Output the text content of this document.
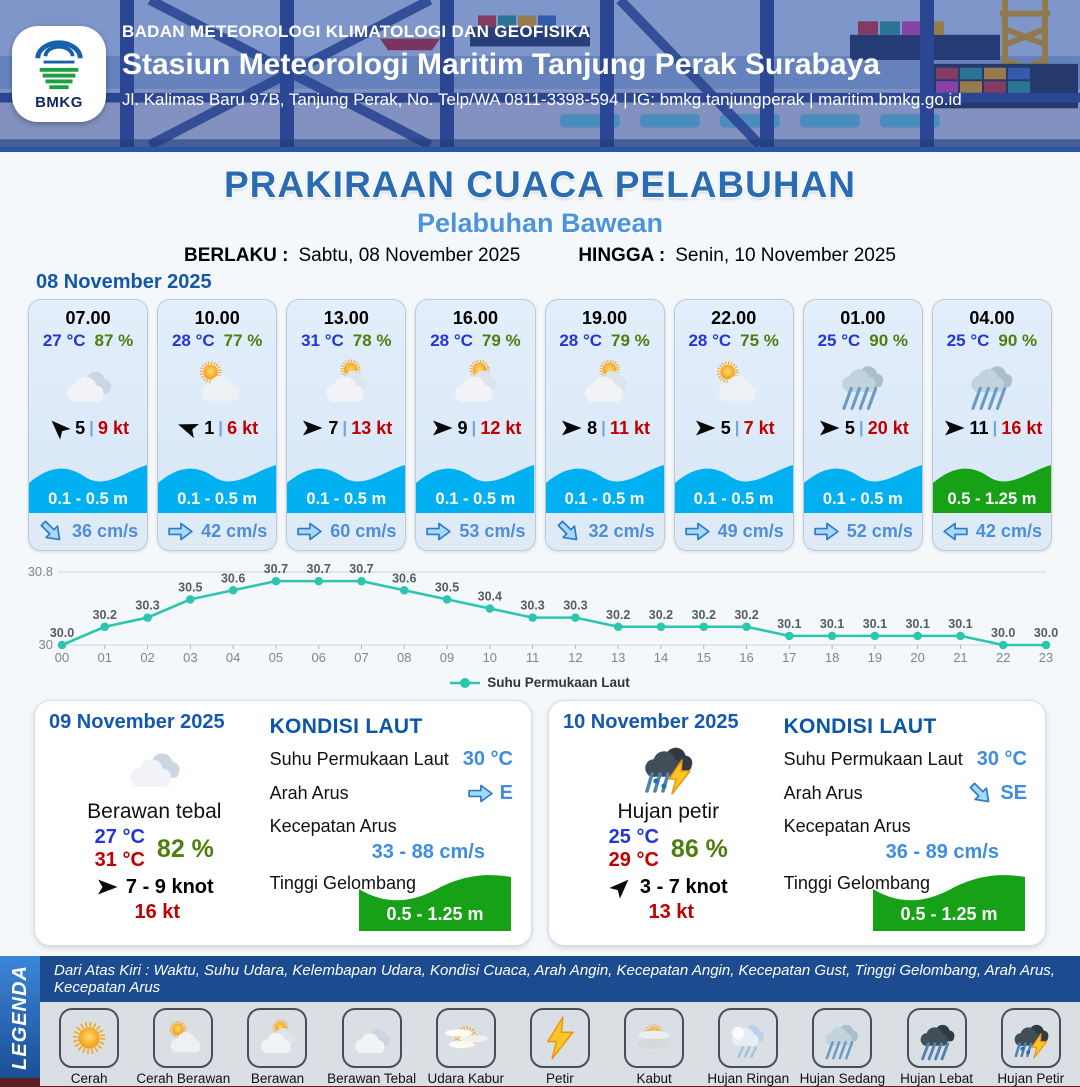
BMKG
BADAN METEOROLOGI KLIMATOLOGI DAN GEOFISIKA
Stasiun Meteorologi Maritim Tanjung Perak Surabaya
Jl. Kalimas Baru 97B, Tanjung Perak, No. Telp/WA 0811-3398-594 | IG: bmkg.tanjungperak | maritim.bmkg.go.id
PRAKIRAAN CUACA PELABUHAN
Pelabuhan Bawean
BERLAKU : Sabtu, 08 November 2025	HINGGA : Senin, 10 November 2025
08 November 2025
07.00
27 °C 87 %
5 | 9 kt
0.1 - 0.5 m
36 cm/s
10.00
28 °C 77 %
1 | 6 kt
0.1 - 0.5 m
42 cm/s
13.00
31 °C 78 %
7 | 13 kt
0.1 - 0.5 m
60 cm/s
16.00
28 °C 79 %
9 | 12 kt
0.1 - 0.5 m
53 cm/s
19.00
28 °C 79 %
8 | 11 kt
0.1 - 0.5 m
32 cm/s
22.00
28 °C 75 %
5 | 7 kt
0.1 - 0.5 m
49 cm/s
01.00
25 °C 90 %
5 | 20 kt
0.1 - 0.5 m
52 cm/s
04.00
25 °C 90 %
11 | 16 kt
0.5 - 1.25 m
42 cm/s
30.8
30
00 01 02 03 04 05 06 07 08 09 10 11 12 13 14 15 16 17 18 19 20 21 22 23
30.0
30.2
30.3
30.5
30.6
30.7 30.7 30.7
30.6
30.5
30.4
30.3 30.3
30.2 30.2 30.2 30.2
30.1 30.1 30.1 30.1 30.1
30.0 30.0
Suhu Permukaan Laut
09 November 2025
Berawan tebal
27 °C
31 °C 82 %
7 - 9 knot
16 kt
KONDISI LAUT
Suhu Permukaan Laut 30 °C
Arah Arus	E
Kecepatan Arus
33 - 88 cm/s
Tinggi Gelombang
0.5 - 1.25 m
10 November 2025
Hujan petir
25 °C
29 °C 86 %
3 - 7 knot
13 kt
KONDISI LAUT
Suhu Permukaan Laut 30 °C
Arah Arus	SE
Kecepatan Arus
36 - 89 cm/s
Tinggi Gelombang
0.5 - 1.25 m
LEGENDA	Dari Atas Kiri : Waktu, Suhu Udara, Kelembapan Udara, Kondisi Cuaca, Arah Angin, Kecepatan Angin, Kecepatan Gust, Tinggi Gelombang, Arah Arus, Kecepatan Arus
Cerah Cerah Berawan Berawan Berawan Tebal Udara Kabur	Petir	Kabut	Hujan Ringan Hujan Sedang Hujan Lebat Hujan Petir
